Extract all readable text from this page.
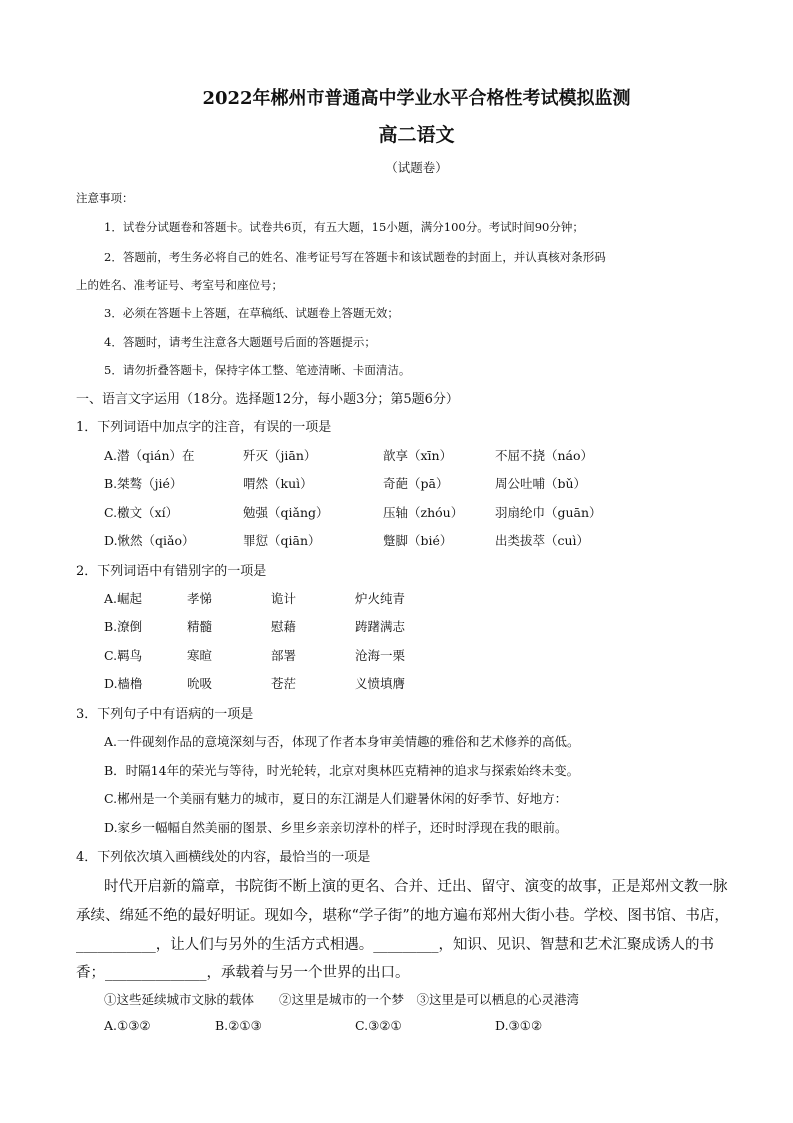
2022年郴州市普通高中学业水平合格性考试模拟监测
高二语文
（试题卷）
注意事项：
1．试卷分试题卷和答题卡。试卷共6页，有五大题，15小题，满分100分。考试时间90分钟；
2．答题前，考生务必将自己的姓名、准考证号写在答题卡和该试题卷的封面上，并认真核对条形码
上的姓名、准考证号、考室号和座位号；
3．必须在答题卡上答题，在草稿纸、试题卷上答题无效；
4．答题时，请考生注意各大题题号后面的答题提示；
5．请勿折叠答题卡，保持字体工整、笔迹清晰、卡面清洁。
一、语言文字运用（18分。选择题12分，每小题3分；第5题6分）
1．下列词语中加点字的注音，有误的一项是
A.潜（qián）在	歼灭（jiān）	歆享（xīn）	不屈不挠（náo）
B.桀骜（jié）	喟然（kuì）	奇葩（pā）	周公吐哺（bǔ）
C.檄文（xí）	勉强（qiǎng）	压轴（zhóu）	羽扇纶巾（guān）
D.愀然（qiǎo）	罪愆（qiān）	蹩脚（bié）	出类拔萃（cuì）
2．下列词语中有错别字的一项是
A.崛起	孝悌	诡计	炉火纯青
B.潦倒	精髓	慰藉	踌躇满志
C.羁鸟	寒暄	部署	沧海一栗
D.樯橹	吮吸	苍茫	义愤填膺
3．下列句子中有语病的一项是
A.一件砚刻作品的意境深刻与否，体现了作者本身审美情趣的雅俗和艺术修养的高低。
B．时隔14年的荣光与等待，时光轮转，北京对奥林匹克精神的追求与探索始终未变。
C.郴州是一个美丽有魅力的城市，夏日的东江湖是人们避暑休闲的好季节、好地方：
D.家乡一幅幅自然美丽的图景、乡里乡亲亲切淳朴的样子，还时时浮现在我的眼前。
4．下列依次填入画横线处的内容，最恰当的一项是
时代开启新的篇章，书院街不断上演的更名、合并、迁出、留守、演变的故事，正是郑州文教一脉
承续、绵延不绝的最好明证。现如今，堪称“学子街”的地方遍布郑州大街小巷。学校、图书馆、书店，
___________，让人们与另外的生活方式相遇。_________，知识、见识、智慧和艺术汇聚成诱人的书
香；______________，承载着与另一个世界的出口。
①这些延续城市文脉的载体　　②这里是城市的一个梦　③这里是可以栖息的心灵港湾
A.①③②	B.②①③	C.③②①	D.③①②
